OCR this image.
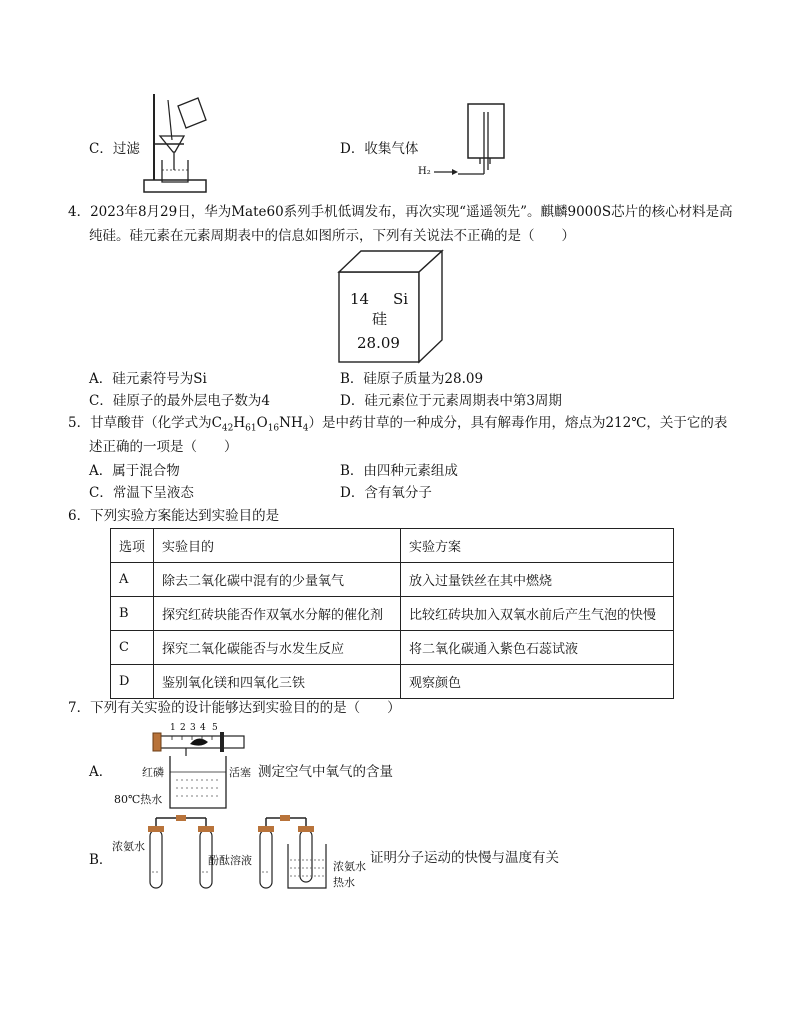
C．过滤	D．收集气体
H₂
4．2023年8月29日，华为Mate60系列手机低调发布，再次实现“遥遥领先”。麒麟9000S芯片的核心材料是高
纯硅。硅元素在元素周期表中的信息如图所示，下列有关说法不正确的是（　　）
14 Si
硅
28.09
A．硅元素符号为Si	B．硅原子质量为28.09
C．硅原子的最外层电子数为4	D．硅元素位于元素周期表中第3周期
5．甘草酸苷（化学式为$C_{42}H_{61}O_{16}NH_4$）是中药甘草的一种成分，具有解毒作用，熔点为212℃，关于它的表
述正确的一项是（　　）
A．属于混合物	B．由四种元素组成
C．常温下呈液态	D．含有氧分子
6．下列实验方案能达到实验目的是
选项	实验目的	实验方案
A	除去二氧化碳中混有的少量氧气	放入过量铁丝在其中燃烧
B	探究红砖块能否作双氧水分解的催化剂	比较红砖块加入双氧水前后产生气泡的快慢
C	探究二氧化碳能否与水发生反应	将二氧化碳通入紫色石蕊试液
D	鉴别氧化镁和四氧化三铁	观察颜色
7．下列有关实验的设计能够达到实验目的的是（　　）
A．
1 2 3 4 5
红磷	活塞
80℃热水
测定空气中氧气的含量
B．
浓氨水
酚酞溶液	浓氨水
热水
证明分子运动的快慢与温度有关
